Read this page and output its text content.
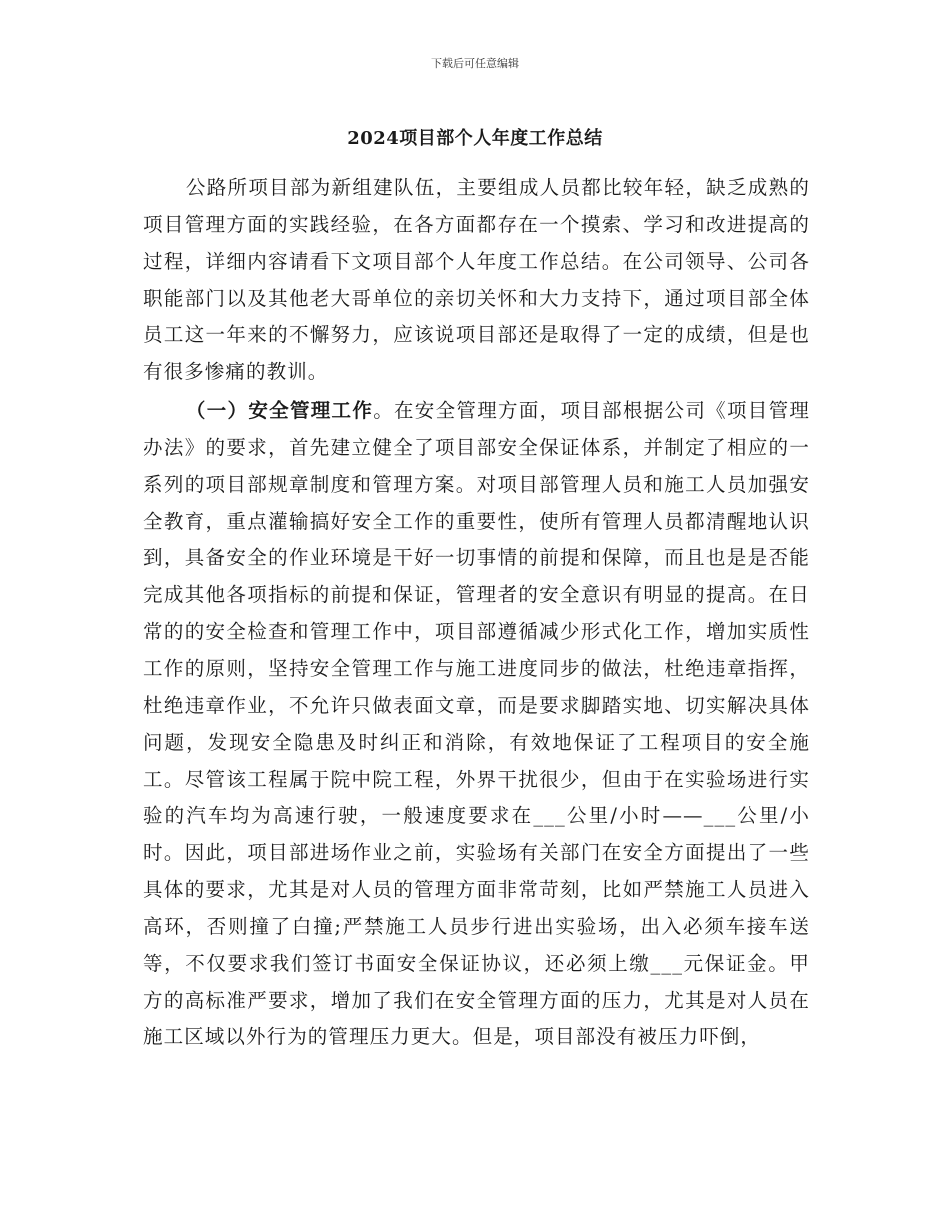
下载后可任意编辑
2024项目部个人年度工作总结

公路所项目部为新组建队伍，主要组成人员都比较年轻，缺乏成熟的项目管理方面的实践经验，在各方面都存在一个摸索、学习和改进提高的过程，详细内容请看下文项目部个人年度工作总结。在公司领导、公司各职能部门以及其他老大哥单位的亲切关怀和大力支持下，通过项目部全体员工这一年来的不懈努力，应该说项目部还是取得了一定的成绩，但是也有很多惨痛的教训。

（一）安全管理工作。在安全管理方面，项目部根据公司《项目管理办法》的要求，首先建立健全了项目部安全保证体系，并制定了相应的一系列的项目部规章制度和管理方案。对项目部管理人员和施工人员加强安全教育，重点灌输搞好安全工作的重要性，使所有管理人员都清醒地认识到，具备安全的作业环境是干好一切事情的前提和保障，而且也是是否能完成其他各项指标的前提和保证，管理者的安全意识有明显的提高。在日常的的安全检查和管理工作中，项目部遵循减少形式化工作，增加实质性工作的原则，坚持安全管理工作与施工进度同步的做法，杜绝违章指挥，杜绝违章作业，不允许只做表面文章，而是要求脚踏实地、切实解决具体问题，发现安全隐患及时纠正和消除，有效地保证了工程项目的安全施工。尽管该工程属于院中院工程，外界干扰很少，但由于在实验场进行实验的汽车均为高速行驶，一般速度要求在___公里/小时——___公里/小时。因此，项目部进场作业之前，实验场有关部门在安全方面提出了一些具体的要求，尤其是对人员的管理方面非常苛刻，比如严禁施工人员进入高环，否则撞了白撞;严禁施工人员步行进出实验场，出入必须车接车送等，不仅要求我们签订书面安全保证协议，还必须上缴___元保证金。甲方的高标准严要求，增加了我们在安全管理方面的压力，尤其是对人员在施工区域以外行为的管理压力更大。但是，项目部没有被压力吓倒，
